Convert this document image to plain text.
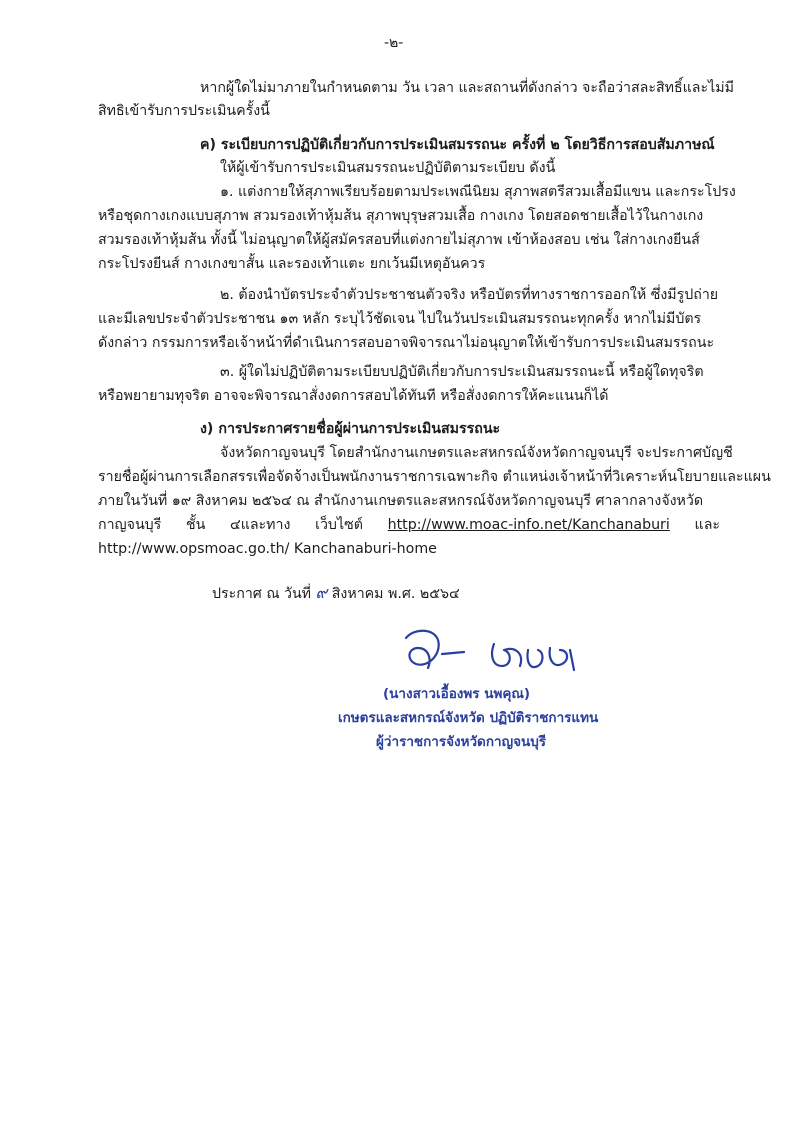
-๒-
หากผู้ใดไม่มาภายในกำหนดตาม วัน เวลา และสถานที่ดังกล่าว จะถือว่าสละสิทธิ์และไม่มี
สิทธิเข้ารับการประเมินครั้งนี้
ค) ระเบียบการปฏิบัติเกี่ยวกับการประเมินสมรรถนะ ครั้งที่ ๒ โดยวิธีการสอบสัมภาษณ์
ให้ผู้เข้ารับการประเมินสมรรถนะปฏิบัติตามระเบียบ ดังนี้
๑. แต่งกายให้สุภาพเรียบร้อยตามประเพณีนิยม สุภาพสตรีสวมเสื้อมีแขน และกระโปรง
หรือชุดกางเกงแบบสุภาพ สวมรองเท้าหุ้มส้น สุภาพบุรุษสวมเสื้อ กางเกง โดยสอดชายเสื้อไว้ในกางเกง
สวมรองเท้าหุ้มส้น ทั้งนี้ ไม่อนุญาตให้ผู้สมัครสอบที่แต่งกายไม่สุภาพ เข้าห้องสอบ เช่น ใส่กางเกงยีนส์
กระโปรงยีนส์ กางเกงขาสั้น และรองเท้าแตะ ยกเว้นมีเหตุอันควร
๒. ต้องนำบัตรประจำตัวประชาชนตัวจริง หรือบัตรที่ทางราชการออกให้ ซึ่งมีรูปถ่าย
และมีเลขประจำตัวประชาชน ๑๓ หลัก ระบุไว้ชัดเจน ไปในวันประเมินสมรรถนะทุกครั้ง หากไม่มีบัตร
ดังกล่าว กรรมการหรือเจ้าหน้าที่ดำเนินการสอบอาจพิจารณาไม่อนุญาตให้เข้ารับการประเมินสมรรถนะ
๓. ผู้ใดไม่ปฏิบัติตามระเบียบปฏิบัติเกี่ยวกับการประเมินสมรรถนะนี้ หรือผู้ใดทุจริต
หรือพยายามทุจริต อาจจะพิจารณาสั่งงดการสอบได้ทันที หรือสั่งงดการให้คะแนนก็ได้
ง) การประกาศรายชื่อผู้ผ่านการประเมินสมรรถนะ
จังหวัดกาญจนบุรี โดยสำนักงานเกษตรและสหกรณ์จังหวัดกาญจนบุรี จะประกาศบัญชี
รายชื่อผู้ผ่านการเลือกสรรเพื่อจัดจ้างเป็นพนักงานราชการเฉพาะกิจ ตำแหน่งเจ้าหน้าที่วิเคราะห์นโยบายและแผน
ภายในวันที่ ๑๙ สิงหาคม ๒๕๖๔ ณ สำนักงานเกษตรและสหกรณ์จังหวัดกาญจนบุรี ศาลากลางจังหวัด
กาญจนบุรี ชั้น ๔และทาง เว็บไซต์ http://www.moac-info.net/Kanchanaburi และ
http://www.opsmoac.go.th/ Kanchanaburi-home
ประกาศ ณ วันที่ ๙ สิงหาคม พ.ศ. ๒๕๖๔
(นางสาวเอื้องพร นพคุณ)
เกษตรและสหกรณ์จังหวัด ปฏิบัติราชการแทน
ผู้ว่าราชการจังหวัดกาญจนบุรี
